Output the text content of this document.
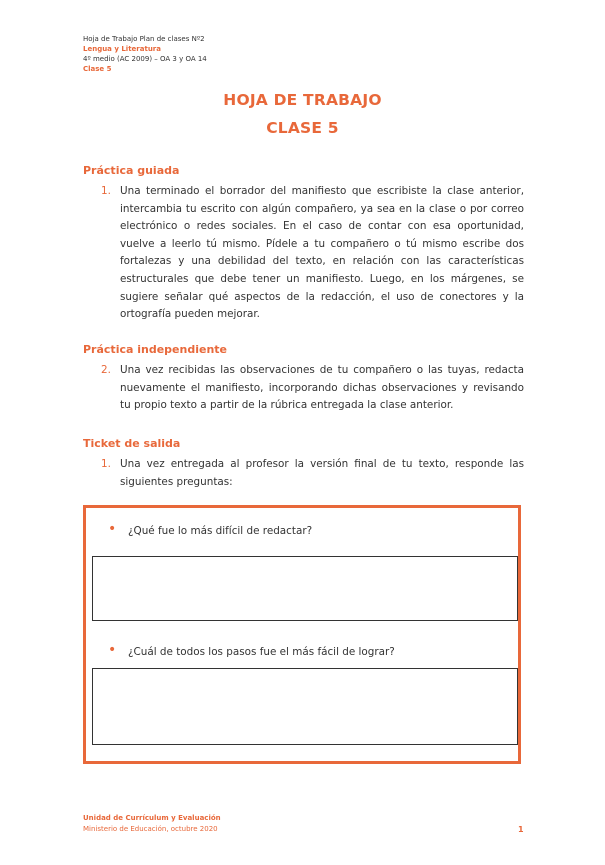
Hoja de Trabajo Plan de clases Nº2
Lengua y Literatura
4º medio (AC 2009) – OA 3 y OA 14
Clase 5
HOJA DE TRABAJO
CLASE 5
Práctica guiada
1. Una terminado el borrador del manifiesto que escribiste la clase anterior, intercambia tu escrito con algún compañero, ya sea en la clase o por correo electrónico o redes sociales. En el caso de contar con esa oportunidad, vuelve a leerlo tú mismo. Pídele a tu compañero o tú mismo escribe dos fortalezas y una debilidad del texto, en relación con las características estructurales que debe tener un manifiesto. Luego, en los márgenes, se sugiere señalar qué aspectos de la redacción, el uso de conectores y la ortografía pueden mejorar.
Práctica independiente
2. Una vez recibidas las observaciones de tu compañero o las tuyas, redacta nuevamente el manifiesto, incorporando dichas observaciones y revisando tu propio texto a partir de la rúbrica entregada la clase anterior.
Ticket de salida
1. Una vez entregada al profesor la versión final de tu texto, responde las siguientes preguntas:
• ¿Qué fue lo más difícil de redactar?
• ¿Cuál de todos los pasos fue el más fácil de lograr?
Unidad de Currículum y Evaluación
Ministerio de Educación, octubre 2020	1
